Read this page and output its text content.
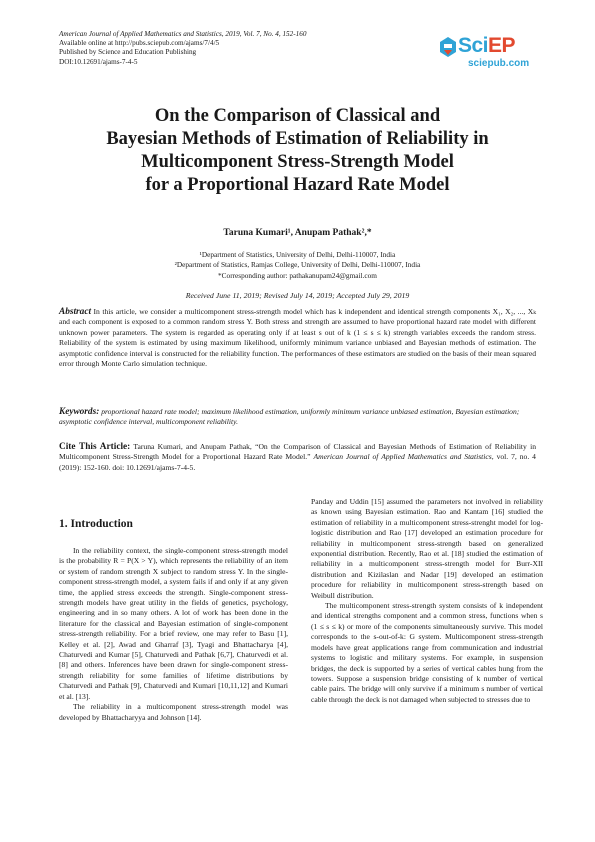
American Journal of Applied Mathematics and Statistics, 2019, Vol. 7, No. 4, 152-160
Available online at http://pubs.sciepub.com/ajams/7/4/5
Published by Science and Education Publishing
DOI:10.12691/ajams-7-4-5
SciEP
sciepub.com
On the Comparison of Classical and
Bayesian Methods of Estimation of Reliability in
Multicomponent Stress-Strength Model
for a Proportional Hazard Rate Model
Taruna Kumari¹, Anupam Pathak²,*
¹Department of Statistics, University of Delhi, Delhi-110007, India
²Department of Statistics, Ramjas College, University of Delhi, Delhi-110007, India
*Corresponding author: pathakanupam24@gmail.com
Received June 11, 2019; Revised July 14, 2019; Accepted July 29, 2019
Abstract In this article, we consider a multicomponent stress-strength model which has k independent and identical strength components X₁, X₂, ..., Xₖ and each component is exposed to a common random stress Y. Both stress and strength are assumed to have proportional hazard rate model with different unknown power parameters. The system is regarded as operating only if at least s out of k (1 ≤ s ≤ k) strength variables exceeds the random stress. Reliability of the system is estimated by using maximum likelihood, uniformly minimum variance unbiased and Bayesian methods of estimation. The asymptotic confidence interval is constructed for the reliability function. The performances of these estimators are studied on the basis of their mean squared error through Monte Carlo simulation technique.
Keywords: proportional hazard rate model; maximum likelihood estimation, uniformly minimum variance unbiased estimation, Bayesian estimation; asymptotic confidence interval, multicomponent reliability.
Cite This Article: Taruna Kumari, and Anupam Pathak, “On the Comparison of Classical and Bayesian Methods of Estimation of Reliability in Multicomponent Stress-Strength Model for a Proportional Hazard Rate Model.” American Journal of Applied Mathematics and Statistics, vol. 7, no. 4 (2019): 152-160. doi: 10.12691/ajams-7-4-5.
1. Introduction

In the reliability context, the single-component stress-strength model is the probability R = P(X > Y), which represents the reliability of an item or system of random strength X subject to random stress Y. In the single-component stress-strength model, a system fails if and only if at any given time, the applied stress exceeds the strength. Single-component stress-strength models have great utility in the fields of genetics, psychology, engineering and in so many others. A lot of work has been done in the literature for the classical and Bayesian estimation of single-component stress-strength reliability. For a brief review, one may refer to Basu [1], Kelley et al. [2], Awad and Gharraf [3], Tyagi and Bhattacharya [4], Chaturvedi and Kumar [5], Chaturvedi and Pathak [6,7], Chaturvedi et al. [8] and others. Inferences have been drawn for single-component stress-strength reliability for some families of lifetime distributions by Chaturvedi and Pathak [9], Chaturvedi and Kumari [10,11,12] and Kumari et al. [13].

The reliability in a multicomponent stress-strength model was developed by Bhattacharyya and Johnson [14].

Panday and Uddin [15] assumed the parameters not involved in reliability as known using Bayesian estimation. Rao and Kantam [16] studied the estimation of reliability in a multicomponent stress-strenght model for log-logistic distribution and Rao [17] developed an estimation procedure for reliability in multicomponent stress-strength based on generalized exponential distribution. Recently, Rao et al. [18] studied the estimation of reliability in a multicomponent stress-strength model for Burr-XII distribution and Kizilaslan and Nadar [19] developed an estimation procedure for reliability in multicomponent stress-strength based on Weibull distribution.

The multicomponent stress-strength system consists of k independent and identical strengths component and a common stress, functions when s (1 ≤ s ≤ k) or more of the components simultaneously survive. This model corresponds to the s-out-of-k: G system. Multicomponent stress-strength models have great applications range from communication and industrial systems to logistic and military systems. For example, in suspension bridges, the deck is supported by a series of vertical cables hung from the towers. Suppose a suspension bridge consisting of k number of vertical cable pairs. The bridge will only survive if a minimum s number of vertical cable through the deck is not damaged when subjected to stresses due to
